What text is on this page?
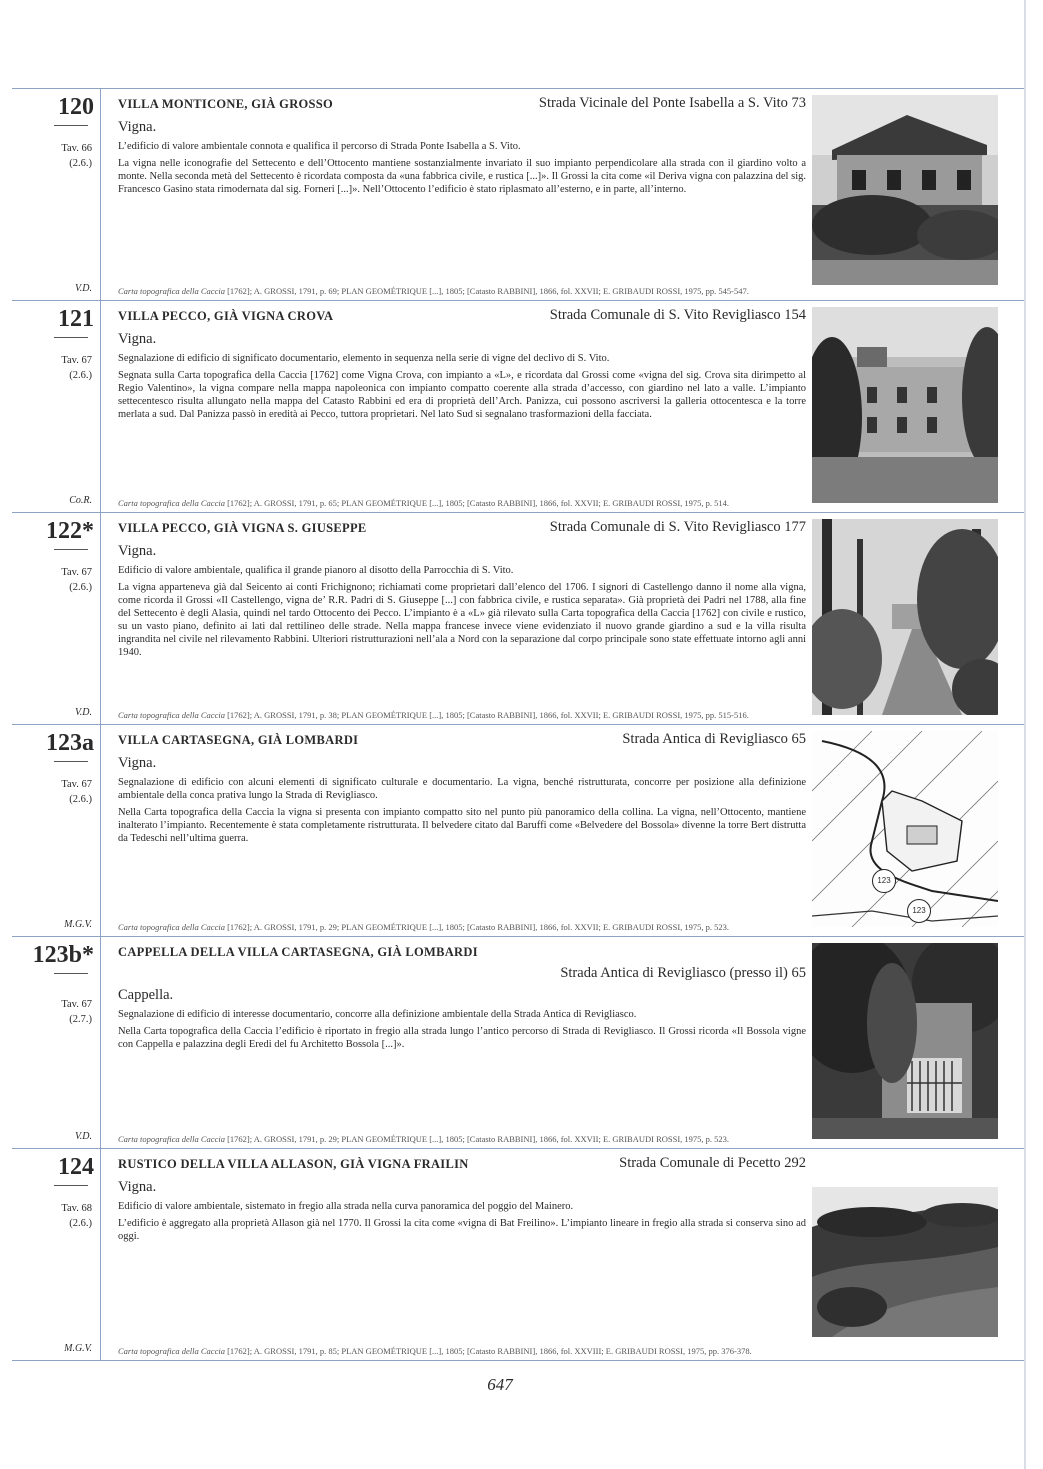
120
Tav. 66
(2.6.)
V.D.
VILLA MONTICONE, GIÀ GROSSO	Strada Vicinale del Ponte Isabella a S. Vito 73
Vigna.

L’edificio di valore ambientale connota e qualifica il percorso di Strada Ponte Isabella a S. Vito.

La vigna nelle iconografie del Settecento e dell’Ottocento mantiene sostanzialmente invariato il suo impianto perpendicolare alla strada con il giardino volto a monte. Nella seconda metà del Settecento è ricordata composta da «una fabbrica civile, e rustica [...]». Il Grossi la cita come «il Deriva vigna con palazzina del sig. Francesco Gasino stata rimodernata dal sig. Forneri [...]». Nell’Ottocento l’edificio è stato riplasmato all’esterno, e in parte, all’interno.

Carta topografica della Caccia [1762]; A. GROSSI, 1791, p. 69; PLAN GEOMÉTRIQUE [...], 1805; [Catasto RABBINI], 1866, fol. XXVII; E. GRIBAUDI ROSSI, 1975, pp. 545-547.
121
Tav. 67
(2.6.)
Co.R.
VILLA PECCO, GIÀ VIGNA CROVA	Strada Comunale di S. Vito Revigliasco 154
Vigna.

Segnalazione di edificio di significato documentario, elemento in sequenza nella serie di vigne del declivo di S. Vito.

Segnata sulla Carta topografica della Caccia [1762] come Vigna Crova, con impianto a «L», e ricordata dal Grossi come «vigna del sig. Crova sita dirimpetto al Regio Valentino», la vigna compare nella mappa napoleonica con impianto compatto coerente alla strada d’accesso, con giardino nel lato a valle. L’impianto settecentesco risulta allungato nella mappa del Catasto Rabbini ed era di proprietà dell’Arch. Panizza, cui possono ascriversi la galleria ottocentesca e la torre merlata a sud. Dal Panizza passò in eredità ai Pecco, tuttora proprietari. Nel lato Sud si segnalano trasformazioni della facciata.

Carta topografica della Caccia [1762]; A. GROSSI, 1791, p. 65; PLAN GEOMÉTRIQUE [...], 1805; [Catasto RABBINI], 1866, fol. XXVII; E. GRIBAUDI ROSSI, 1975, p. 514.
122*
Tav. 67
(2.6.)
V.D.
VILLA PECCO, GIÀ VIGNA S. GIUSEPPE	Strada Comunale di S. Vito Revigliasco 177
Vigna.

Edificio di valore ambientale, qualifica il grande pianoro al disotto della Parrocchia di S. Vito.

La vigna apparteneva già dal Seicento ai conti Frichignono; richiamati come proprietari dall’elenco del 1706. I signori di Castellengo danno il nome alla vigna, come ricorda il Grossi «Il Castellengo, vigna de’ R.R. Padri di S. Giuseppe [...] con fabbrica civile, e rustica separata». Già proprietà dei Padri nel 1788, alla fine del Settecento è degli Alasia, quindi nel tardo Ottocento dei Pecco. L’impianto è a «L» già rilevato sulla Carta topografica della Caccia [1762] con civile e rustico, su un vasto piano, definito ai lati dal rettilineo delle strade. Nella mappa francese invece viene evidenziato il nuovo grande giardino a sud e la villa risulta ingrandita nel civile nel rilevamento Rabbini. Ulteriori ristrutturazioni nell’ala a Nord con la separazione dal corpo principale sono state effettuate intorno agli anni 1940.

Carta topografica della Caccia [1762]; A. GROSSI, 1791, p. 38; PLAN GEOMÉTRIQUE [...], 1805; [Catasto RABBINI], 1866, fol. XXVII; E. GRIBAUDI ROSSI, 1975, pp. 515-516.
123a
Tav. 67
(2.6.)
M.G.V.
VILLA CARTASEGNA, GIÀ LOMBARDI	Strada Antica di Revigliasco 65
Vigna.

Segnalazione di edificio con alcuni elementi di significato culturale e documentario. La vigna, benché ristrutturata, concorre per posizione alla definizione ambientale della conca prativa lungo la Strada di Revigliasco.

Nella Carta topografica della Caccia la vigna si presenta con impianto compatto sito nel punto più panoramico della collina. La vigna, nell’Ottocento, mantiene inalterato l’impianto. Recentemente è stata completamente ristrutturata. Il belvedere citato dal Baruffi come «Belvedere del Bossola» divenne la torre Bert distrutta da Tedeschi nell’ultima guerra.

Carta topografica della Caccia [1762]; A. GROSSI, 1791, p. 29; PLAN GEOMÉTRIQUE [...], 1805; [Catasto RABBINI], 1866, fol. XXVII; E. GRIBAUDI ROSSI, 1975, p. 523.
123
123
123b*
Tav. 67
(2.7.)
V.D.
CAPPELLA DELLA VILLA CARTASEGNA, GIÀ LOMBARDI
Strada Antica di Revigliasco (presso il) 65
Cappella.

Segnalazione di edificio di interesse documentario, concorre alla definizione ambientale della Strada Antica di Revigliasco.

Nella Carta topografica della Caccia l’edificio è riportato in fregio alla strada lungo l’antico percorso di Strada di Revigliasco. Il Grossi ricorda «Il Bossola vigne con Cappella e palazzina degli Eredi del fu Architetto Bossola [...]».

Carta topografica della Caccia [1762]; A. GROSSI, 1791, p. 29; PLAN GEOMÉTRIQUE [...], 1805; [Catasto RABBINI], 1866, fol. XXVII; E. GRIBAUDI ROSSI, 1975, p. 523.
124
Tav. 68
(2.6.)
M.G.V.
RUSTICO DELLA VILLA ALLASON, GIÀ VIGNA FRAILIN	Strada Comunale di Pecetto 292
Vigna.

Edificio di valore ambientale, sistemato in fregio alla strada nella curva panoramica del poggio del Mainero.

L’edificio è aggregato alla proprietà Allason già nel 1770. Il Grossi la cita come «vigna di Bat Freilino». L’impianto lineare in fregio alla strada si conserva sino ad oggi.

Carta topografica della Caccia [1762]; A. GROSSI, 1791, p. 85; PLAN GEOMÉTRIQUE [...], 1805; [Catasto RABBINI], 1866, fol. XXVIII; E. GRIBAUDI ROSSI, 1975, pp. 376-378.
647
